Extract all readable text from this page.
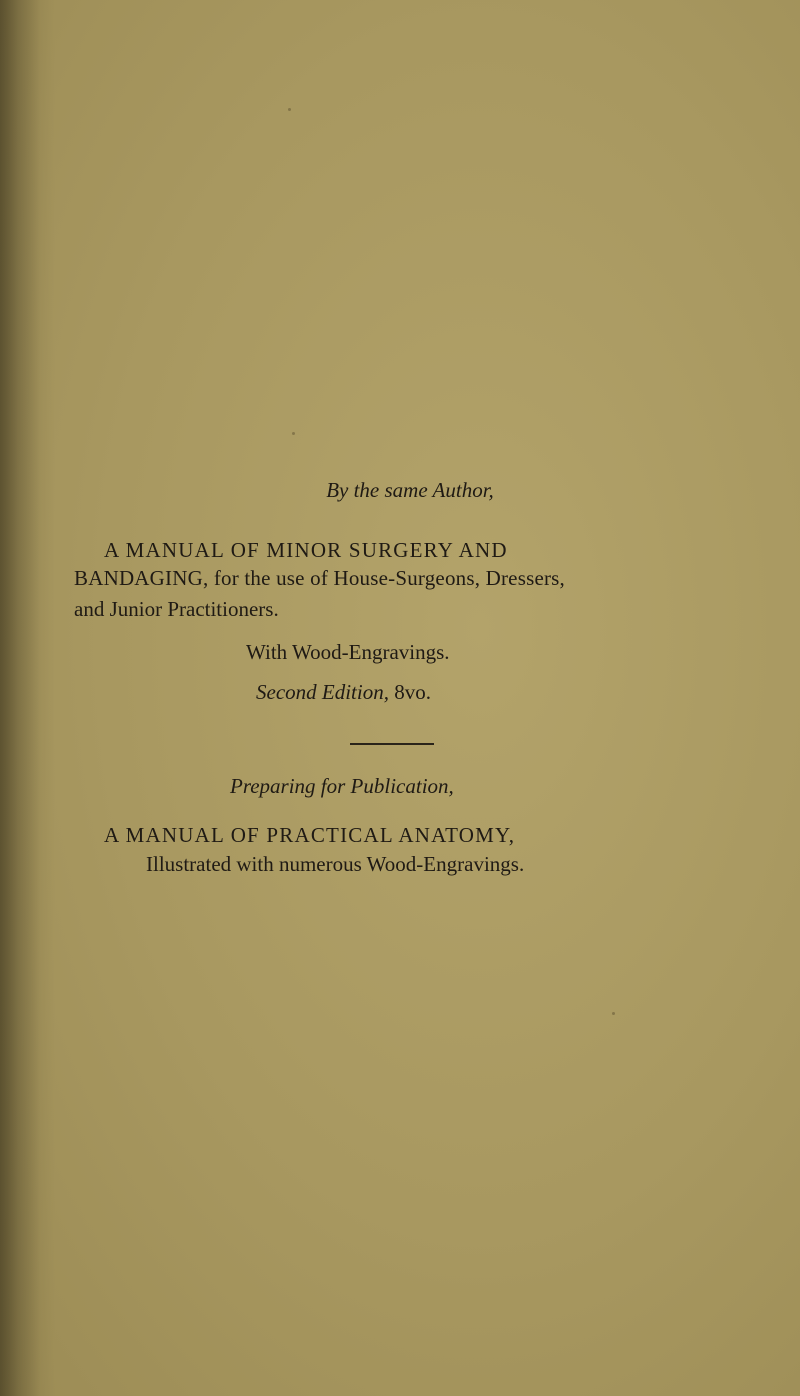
By the same Author,
A MANUAL OF MINOR SURGERY AND
BANDAGING, for the use of House-Surgeons, Dressers,
and Junior Practitioners.
With Wood-Engravings.
Second Edition, 8vo.
Preparing for Publication,
A MANUAL OF PRACTICAL ANATOMY,
Illustrated with numerous Wood-Engravings.
